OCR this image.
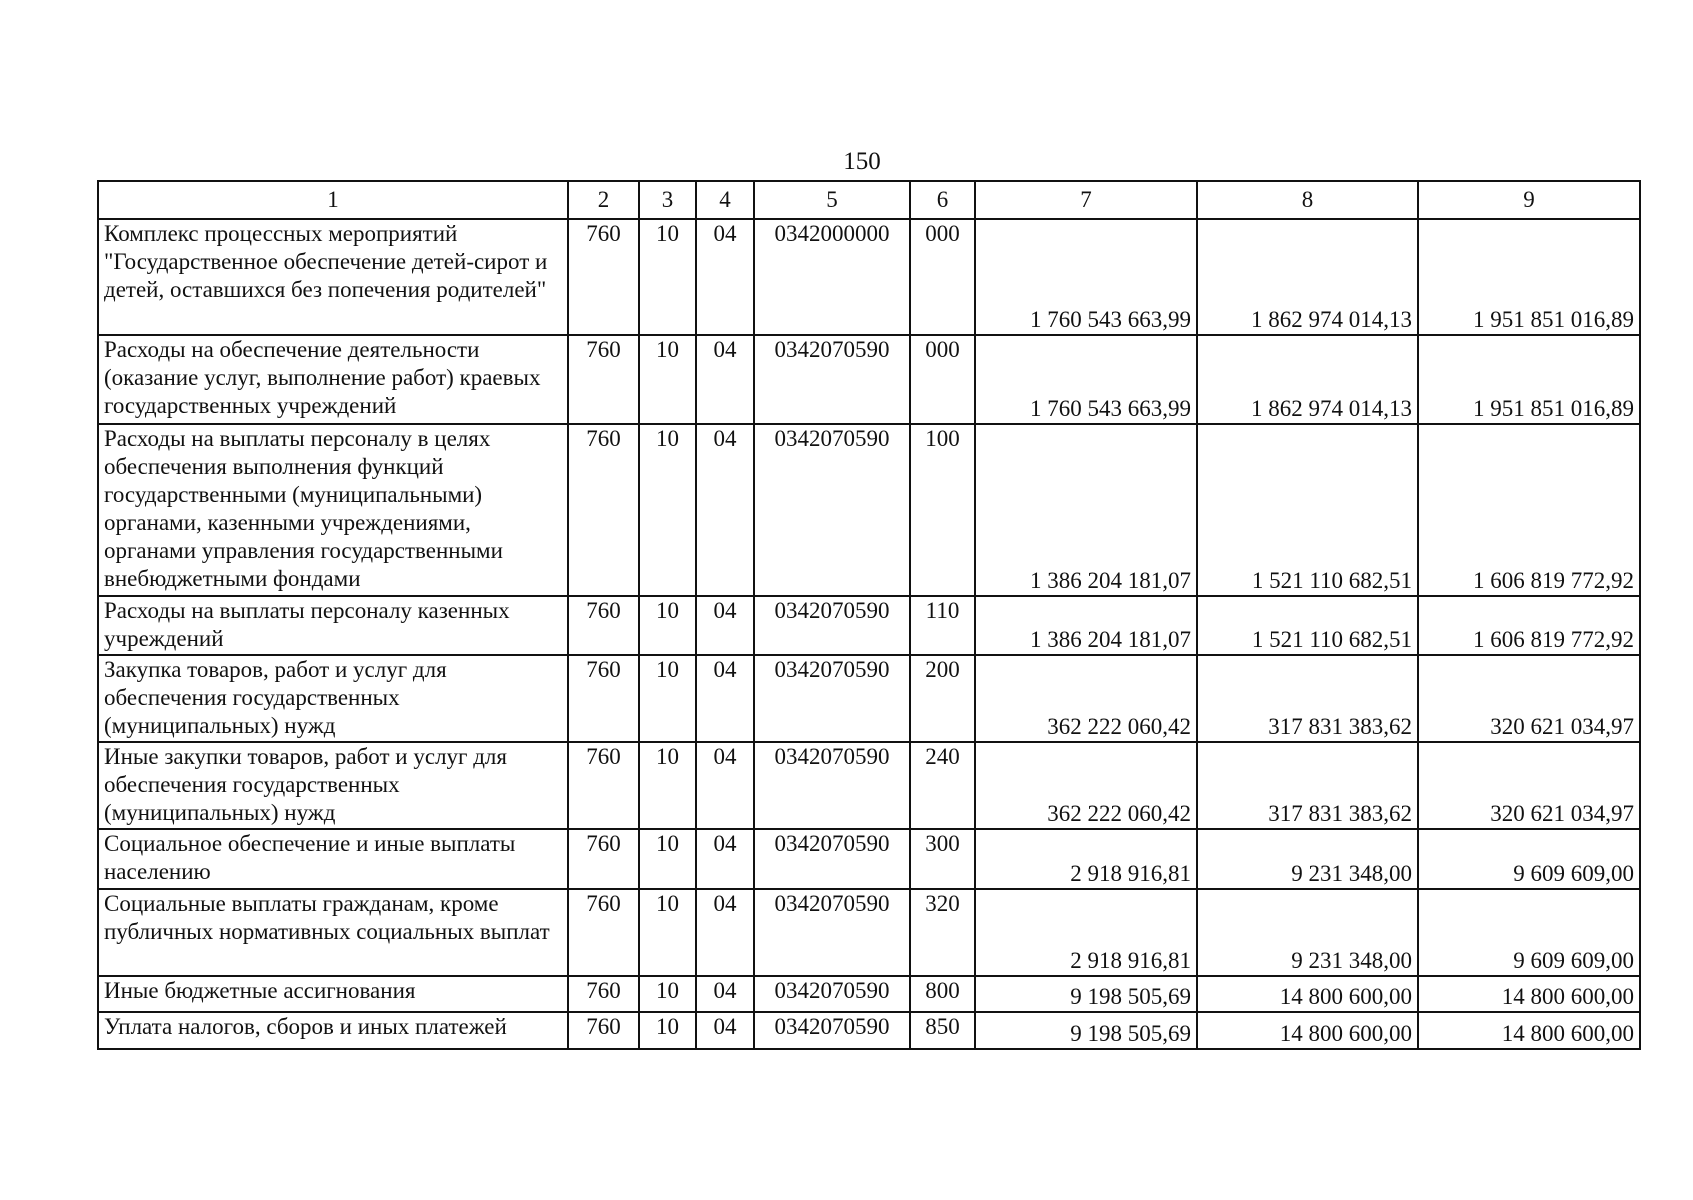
150
1	2	3	4	5	6	7	8	9
Комплекс процессных мероприятий "Государственное обеспечение детей-сирот и детей, оставшихся без попечения родителей"	760	10	04	0342000000	000	1 760 543 663,99	1 862 974 014,13	1 951 851 016,89
Расходы на обеспечение деятельности (оказание услуг, выполнение работ) краевых государственных учреждений	760	10	04	0342070590	000	1 760 543 663,99	1 862 974 014,13	1 951 851 016,89
Расходы на выплаты персоналу в целях обеспечения выполнения функций государственными (муниципальными) органами, казенными учреждениями, органами управления государственными внебюджетными фондами	760	10	04	0342070590	100	1 386 204 181,07	1 521 110 682,51	1 606 819 772,92
Расходы на выплаты персоналу казенных учреждений	760	10	04	0342070590	110	1 386 204 181,07	1 521 110 682,51	1 606 819 772,92
Закупка товаров, работ и услуг для обеспечения государственных (муниципальных) нужд	760	10	04	0342070590	200	362 222 060,42	317 831 383,62	320 621 034,97
Иные закупки товаров, работ и услуг для обеспечения государственных (муниципальных) нужд	760	10	04	0342070590	240	362 222 060,42	317 831 383,62	320 621 034,97
Социальное обеспечение и иные выплаты населению	760	10	04	0342070590	300	2 918 916,81	9 231 348,00	9 609 609,00
Социальные выплаты гражданам, кроме публичных нормативных социальных выплат	760	10	04	0342070590	320	2 918 916,81	9 231 348,00	9 609 609,00
Иные бюджетные ассигнования	760	10	04	0342070590	800	9 198 505,69	14 800 600,00	14 800 600,00
Уплата налогов, сборов и иных платежей	760	10	04	0342070590	850	9 198 505,69	14 800 600,00	14 800 600,00
